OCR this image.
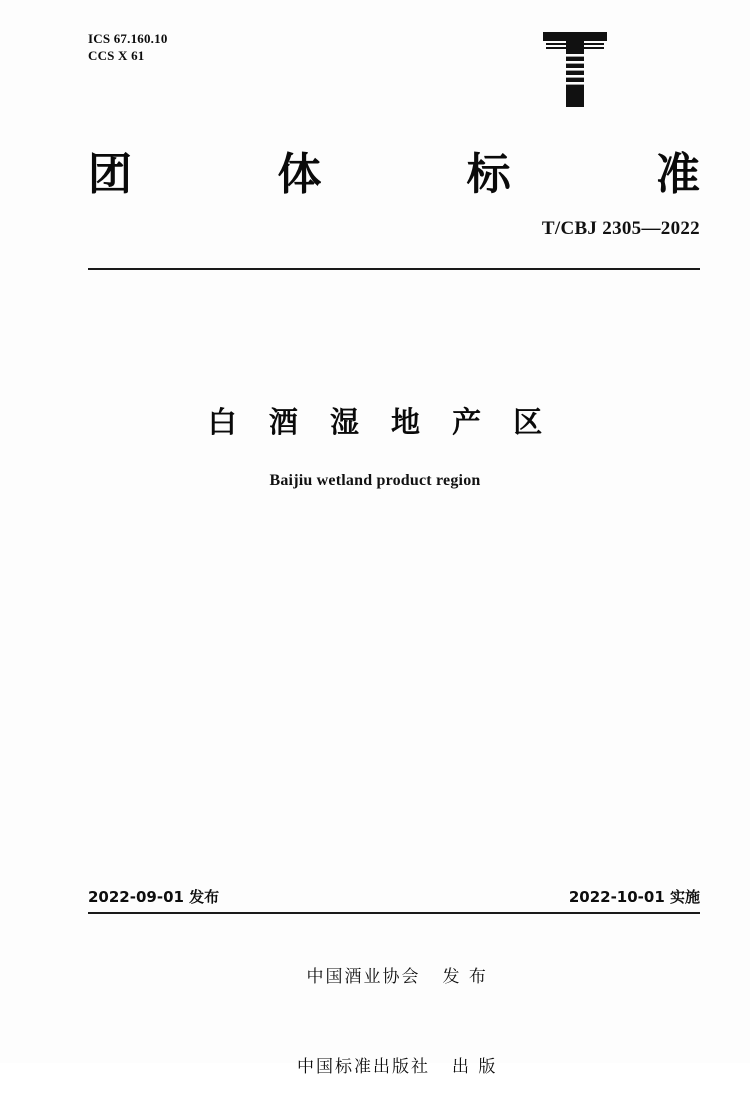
ICS 67.160.10
CCS X 61
团	体	标	准
T/CBJ 2305—2022
白 酒 湿 地 产 区
Baijiu wetland product region
2022-09-01 发布	2022-10-01 实施

中国酒业协会 发 布

中国标准出版社 出 版
